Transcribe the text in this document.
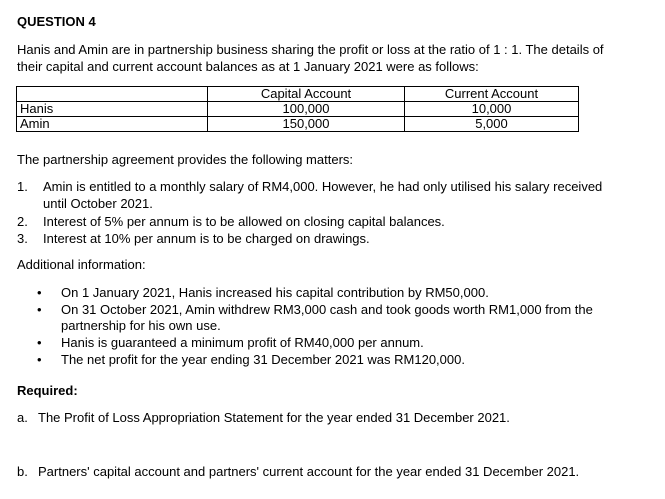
QUESTION 4
Hanis and Amin are in partnership business sharing the profit or loss at the ratio of 1 : 1. The details of their capital and current account balances as at 1 January 2021 were as follows:
	Capital Account	Current Account
Hanis	100,000	10,000
Amin	150,000	5,000
The partnership agreement provides the following matters:
1. Amin is entitled to a monthly salary of RM4,000. However, he had only utilised his salary received until October 2021.
2. Interest of 5% per annum is to be allowed on closing capital balances.
3. Interest at 10% per annum is to be charged on drawings.
Additional information:
• On 1 January 2021, Hanis increased his capital contribution by RM50,000.
• On 31 October 2021, Amin withdrew RM3,000 cash and took goods worth RM1,000 from the partnership for his own use.
• Hanis is guaranteed a minimum profit of RM40,000 per annum.
• The net profit for the year ending 31 December 2021 was RM120,000.
Required:
a. The Profit of Loss Appropriation Statement for the year ended 31 December 2021.
b. Partners' capital account and partners' current account for the year ended 31 December 2021.
